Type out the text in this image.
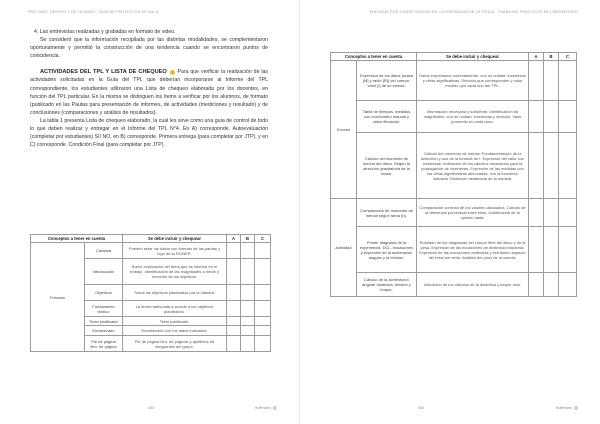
PRÓ XIMO, DENTRO Y DE LA MANO · GUÍA DE PROYECTOS DE AULA
4. Las entrevistas realizadas y grabadas en formato de video.

Se consideró que la información recopilada por las distintas modalidades, se complementaron oportunamente y permitió la construcción de una tendencia cuando se encontraron puntos de coincidencia.

ACTIVIDADES DEL TPL Y LISTA DE CHEQUEO Para que verificar la realización de las actividades solicitadas en la Guía del TPL que deberían incorporarse al Informe del TPL correspondiente, los estudiantes utilizaron una Lista de chequeo elaborada por los docentes, en función del TPL particular. En la misma se distinguen los ítems a verificar por los alumnos, de formato (publicado en las Pautas para presentación de informes, de actividades (mediciones y resultado) y de conclusiones (comparaciones y análisis de resultados).

La tabla 1 presenta Lista de chequeo elaborado, la cual les sirve como una guía de control de todo lo que deben realizar y entregar en el Informe del TPL N°4. En A) corresponde. Autoevaluación (completar por estudiantes) SI/ NO, en B) corresponde. Primera entrega (para completar por JTP), y en C) corresponde. Condición Final (para completar por JTP).

Conceptos a tener en cuenta		Se debe incluir y chequear	A	B	C
Formato	Carátula	Pueden estar los datos con formato de las pautas y logo de la FIUNER.			
	Introducción	Breve explicación del tema que se informa en el trabajo. Identificación de las magnitudes a medir y mención de los objetivos.			
	Objetivos	Todos los objetivos planteados por la cátedra.			
	Fundamento teórico	La teoría adecuada a acorde a los objetivos planteados.			
	Texto justificado	Texto justificado.			
	Encabezado	Encabezado con los datos indicados.			
	Pie de página Nro. de página	Pie de página Nro. de páginas y apellidos de integrantes del grupo.			
400	Hoffmann
ENFOQUE POR COMPETENCIAS EN LA ENSEÑANZA DE LA FÍSICA · TRABAJOS PRÁCTICOS DE LABORATORIO
Conceptos a tener en cuenta		Se debe incluir y chequear	A	B	C
Errores	Expresión de los datos (masa [M] y radio [R]) del cuerpo, valor [I] de su inercia.	Datos expresados correctamente, con su unidad, incertezas y cifras significativas. Símbolo que corresponden y valor medido que cada uno del TPL.			
	Tabla de tiempos, medidos con cronómetro manual y video filmación.	Información necesaria y suficiente. Identificación de magnitudes, con su unidad, incertezas y símbolo. Valor promedio en cada caso.			
	Cálculo del momento de inercia del disco. Según la dirección gravitatoria de la masa.	Cálculo del momento de inercia. Fundamentación de la selección y uso de la fórmula de I. Expresión del valor con incertezas. Indicación de los cálculos necesarios para la propagación de incertezas. Expresión de las medidas con las cifras significativas adecuadas, con la incerteza indicada. Distinción destacada de la medida.			
Actividad	Comparación de momento de inercia según rama (b).	Comparación correcta de los valores calculados. Cálculo de la diferencia porcentual entre ellos. Justificación de la opinión dada.			
	Primer diagrama de la experiencia. DCL, ecuaciones y expresión de la aceleración angular y la tensión.	Rotulado de los diagramas del cuerpo libre del disco y de la pesa. Expresión de las ecuaciones de dinámica rotacional. Expresión de las ecuaciones obtenidas y resultado respecto del resto del texto. Análisis del peso de la cuerda.			
	Cálculo de la aceleración angular dinámica, tensión y torque.	Indicación de los cálculos de la dinámica y torque nulo.			
401	Hoffmann
